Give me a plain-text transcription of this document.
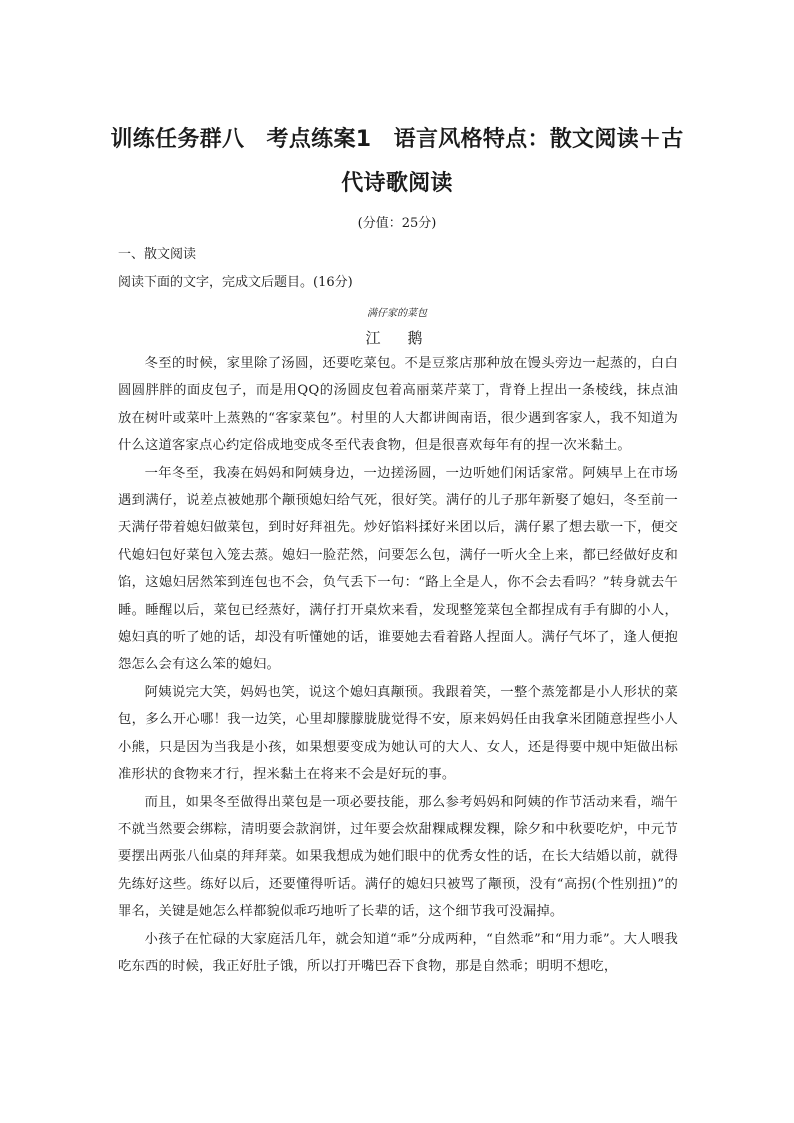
训练任务群八　考点练案1　语言风格特点：散文阅读＋古代诗歌阅读
(分值：25分)
一、散文阅读
阅读下面的文字，完成文后题目。(16分)
满仔家的菜包
江　鹅

冬至的时候，家里除了汤圆，还要吃菜包。不是豆浆店那种放在馒头旁边一起蒸的，白白圆圆胖胖的面皮包子，而是用QQ的汤圆皮包着高丽菜芹菜丁，背脊上捏出一条棱线，抹点油放在树叶或菜叶上蒸熟的“客家菜包”。村里的人大都讲闽南语，很少遇到客家人，我不知道为什么这道客家点心约定俗成地变成冬至代表食物，但是很喜欢每年有的捏一次米黏土。

一年冬至，我凑在妈妈和阿姨身边，一边搓汤圆，一边听她们闲话家常。阿姨早上在市场遇到满仔，说差点被她那个颟顸媳妇给气死，很好笑。满仔的儿子那年新娶了媳妇，冬至前一天满仔带着媳妇做菜包，到时好拜祖先。炒好馅料揉好米团以后，满仔累了想去歇一下，便交代媳妇包好菜包入笼去蒸。媳妇一脸茫然，问要怎么包，满仔一听火全上来，都已经做好皮和馅，这媳妇居然笨到连包也不会，负气丢下一句：“路上全是人，你不会去看吗？”转身就去午睡。睡醒以后，菜包已经蒸好，满仔打开桌炊来看，发现整笼菜包全都捏成有手有脚的小人，媳妇真的听了她的话，却没有听懂她的话，谁要她去看着路人捏面人。满仔气坏了，逢人便抱怨怎么会有这么笨的媳妇。

阿姨说完大笑，妈妈也笑，说这个媳妇真颟顸。我跟着笑，一整个蒸笼都是小人形状的菜包，多么开心哪！我一边笑，心里却朦朦胧胧觉得不安，原来妈妈任由我拿米团随意捏些小人小熊，只是因为当我是小孩，如果想要变成为她认可的大人、女人，还是得要中规中矩做出标准形状的食物来才行，捏米黏土在将来不会是好玩的事。

而且，如果冬至做得出菜包是一项必要技能，那么参考妈妈和阿姨的作节活动来看，端午不就当然要会绑粽，清明要会款润饼，过年要会炊甜粿咸粿发粿，除夕和中秋要吃炉，中元节要摆出两张八仙桌的拜拜菜。如果我想成为她们眼中的优秀女性的话，在长大结婚以前，就得先练好这些。练好以后，还要懂得听话。满仔的媳妇只被骂了颟顸，没有“高拐(个性别扭)”的罪名，关键是她怎么样都貌似乖巧地听了长辈的话，这个细节我可没漏掉。

小孩子在忙碌的大家庭活几年，就会知道“乖”分成两种，“自然乖”和“用力乖”。大人喂我吃东西的时候，我正好肚子饿，所以打开嘴巴吞下食物，那是自然乖；明明不想吃，
